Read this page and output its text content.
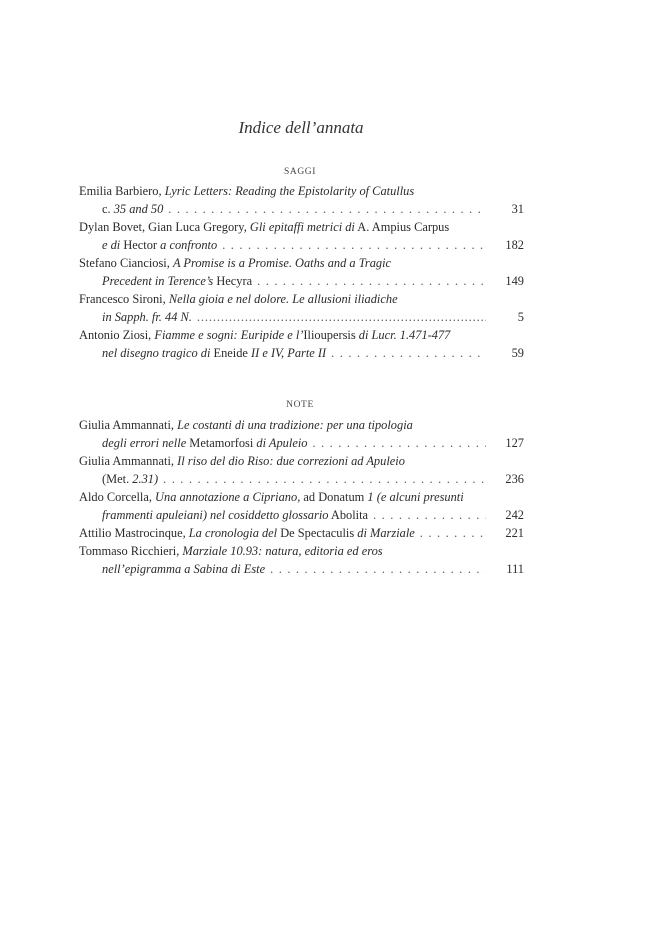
Indice dell’annata
SAGGI
Emilia Barbiero, Lyric Letters: Reading the Epistolarity of Catullus
c. 35 and 50 . . .	31
Dylan Bovet, Gian Luca Gregory, Gli epitaffi metrici di A. Ampius Carpus
e di Hector a confronto . . .	182
Stefano Cianciosi, A Promise is a Promise. Oaths and a Tragic
Precedent in Terence’s Hecyra . . .	149
Francesco Sironi, Nella gioia e nel dolore. Le allusioni iliadiche
in Sapph. fr. 44 N. .....	5
Antonio Ziosi, Fiamme e sogni: Euripide e l’Ilioupersis di Lucr. 1.471-477
nel disegno tragico di Eneide II e IV, Parte II . . .	59
NOTE
Giulia Ammannati, Le costanti di una tradizione: per una tipologia
degli errori nelle Metamorfosi di Apuleio . . .	127
Giulia Ammannati, Il riso del dio Riso: due correzioni ad Apuleio
(Met. 2.31) . . .	236
Aldo Corcella, Una annotazione a Cipriano, ad Donatum 1 (e alcuni presunti
frammenti apuleiani) nel cosiddetto glossario Abolita . . .	242
Attilio Mastrocinque, La cronologia del De Spectaculis di Marziale . . .	221
Tommaso Ricchieri, Marziale 10.93: natura, editoria ed eros
nell’epigramma a Sabina di Este . . .	111
